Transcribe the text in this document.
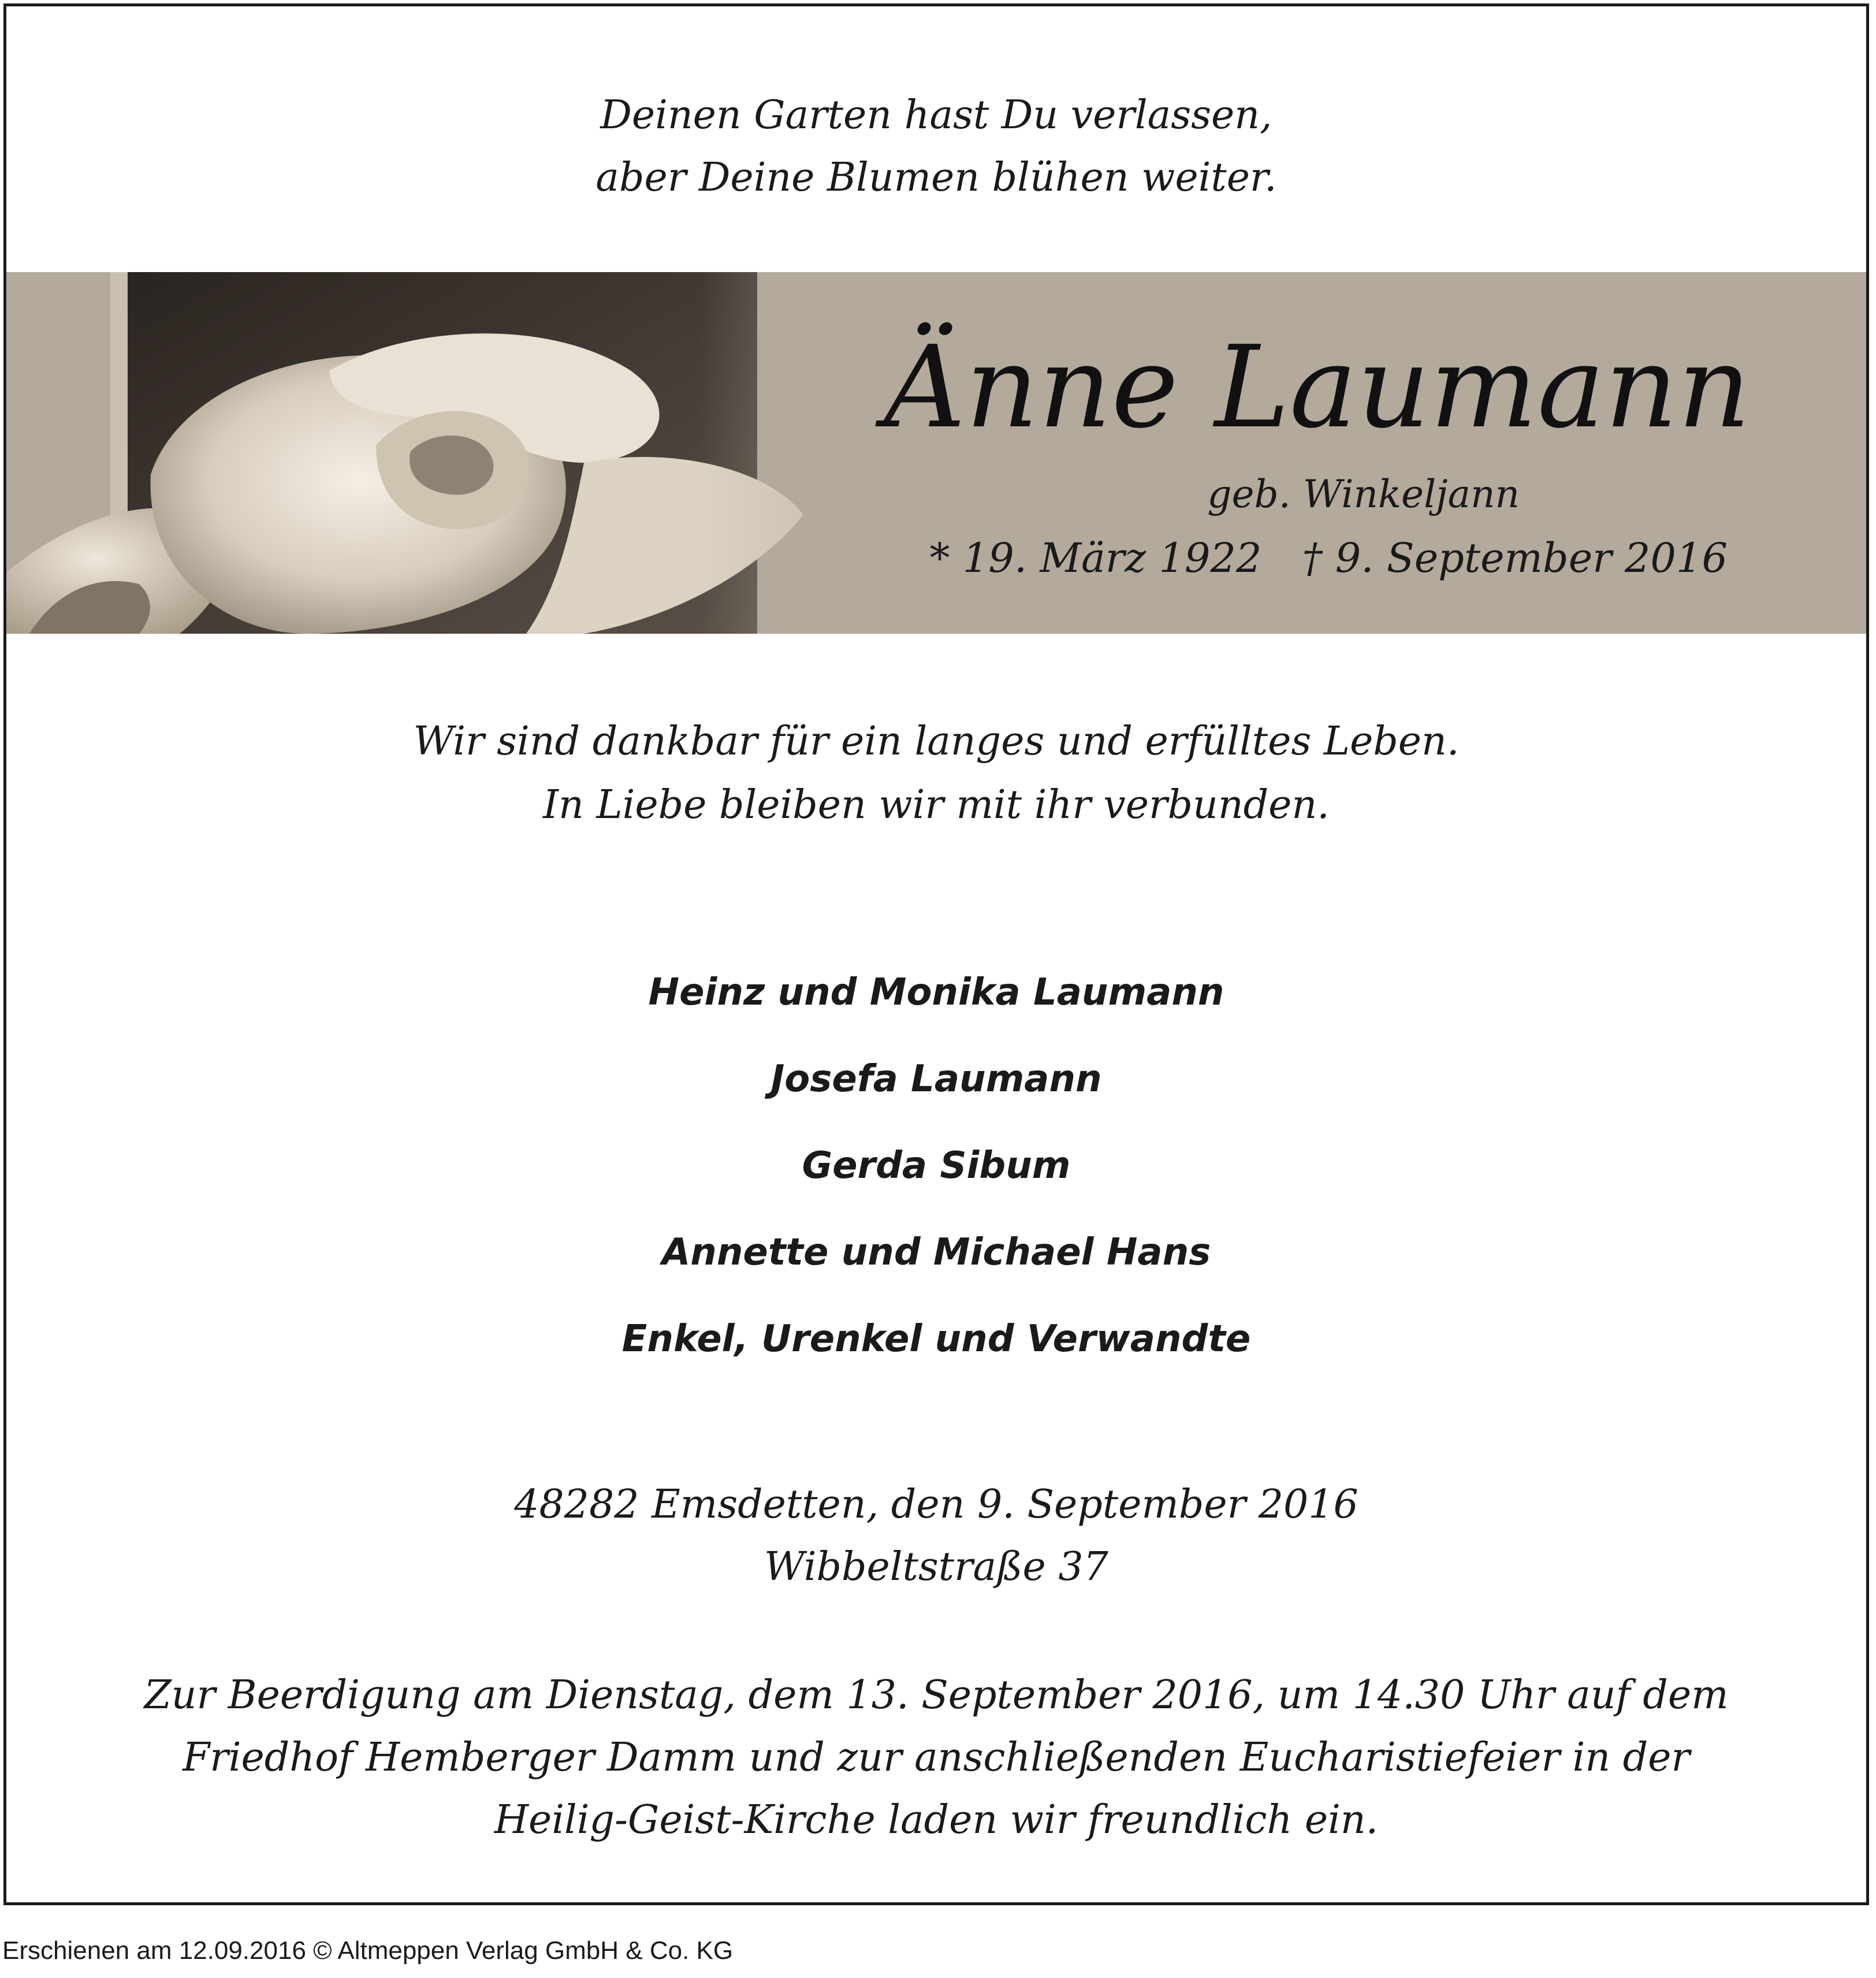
Deinen Garten hast Du verlassen,
aber Deine Blumen blühen weiter.
Änne Laumann
geb. Winkeljann
* 19. März 1922 † 9. September 2016
Wir sind dankbar für ein langes und erfülltes Leben.
In Liebe bleiben wir mit ihr verbunden.
Heinz und Monika Laumann
Josefa Laumann
Gerda Sibum
Annette und Michael Hans
Enkel, Urenkel und Verwandte
48282 Emsdetten, den 9. September 2016
Wibbeltstraße 37
Zur Beerdigung am Dienstag, dem 13. September 2016, um 14.30 Uhr auf dem
Friedhof Hemberger Damm und zur anschließenden Eucharistiefeier in der
Heilig-Geist-Kirche laden wir freundlich ein.
Erschienen am 12.09.2016 © Altmeppen Verlag GmbH & Co. KG
